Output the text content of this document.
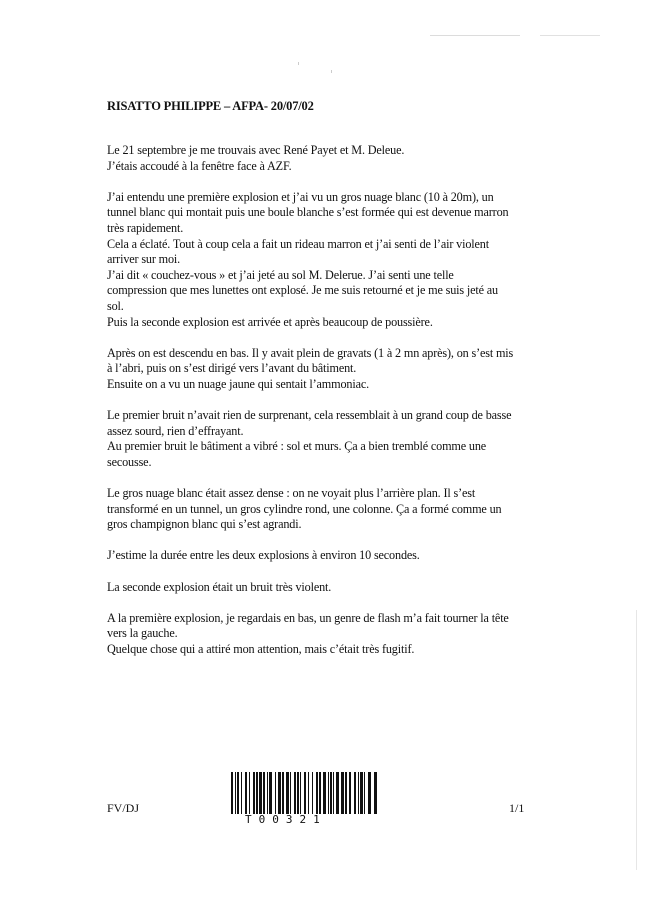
RISATTO PHILIPPE – AFPA- 20/07/02

Le 21 septembre je me trouvais avec René Payet et M. Deleue.
J’étais accoudé à la fenêtre face à AZF.

J’ai entendu une première explosion et j’ai vu un gros nuage blanc (10 à 20m), un
tunnel blanc qui montait puis une boule blanche s’est formée qui est devenue marron
très rapidement.
Cela a éclaté. Tout à coup cela a fait un rideau marron et j’ai senti de l’air violent
arriver sur moi.
J’ai dit « couchez-vous » et j’ai jeté au sol M. Delerue. J’ai senti une telle
compression que mes lunettes ont explosé. Je me suis retourné et je me suis jeté au
sol.
Puis la seconde explosion est arrivée et après beaucoup de poussière.

Après on est descendu en bas. Il y avait plein de gravats (1 à 2 mn après), on s’est mis
à l’abri, puis on s’est dirigé vers l’avant du bâtiment.
Ensuite on a vu un nuage jaune qui sentait l’ammoniac.

Le premier bruit n’avait rien de surprenant, cela ressemblait à un grand coup de basse
assez sourd, rien d’effrayant.
Au premier bruit le bâtiment a vibré : sol et murs. Ça a bien tremblé comme une
secousse.

Le gros nuage blanc était assez dense : on ne voyait plus l’arrière plan. Il s’est
transformé en un tunnel, un gros cylindre rond, une colonne. Ça a formé comme un
gros champignon blanc qui s’est agrandi.

J’estime la durée entre les deux explosions à environ 10 secondes.

La seconde explosion était un bruit très violent.

A la première explosion, je regardais en bas, un genre de flash m’a fait tourner la tête
vers la gauche.
Quelque chose qui a attiré mon attention, mais c’était très fugitif.

FV/DJ
T00321
1/1
